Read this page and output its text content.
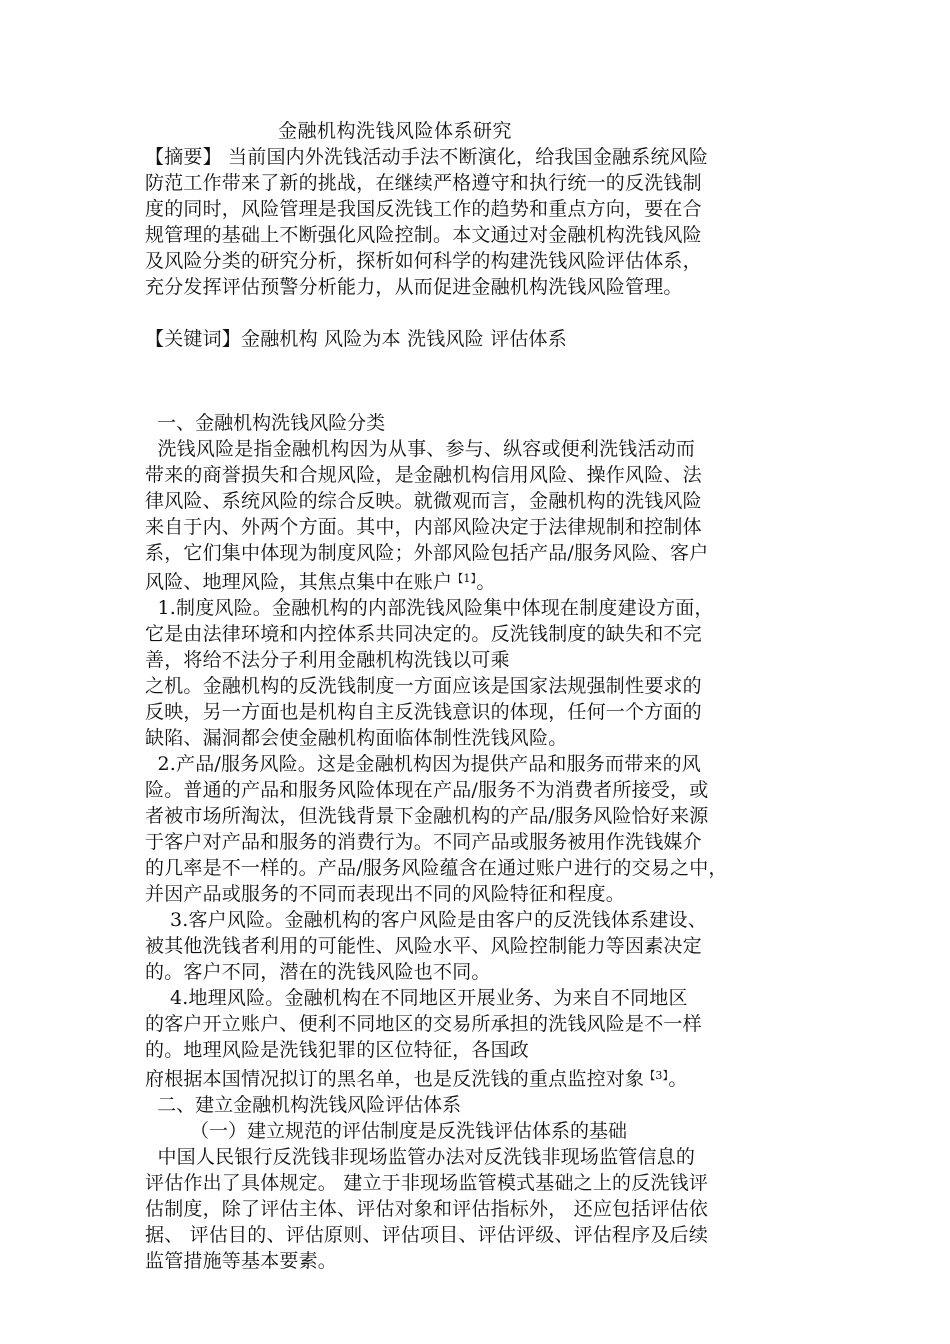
金融机构洗钱风险体系研究

【摘要】 当前国内外洗钱活动手法不断演化，给我国金融系统风险

防范工作带来了新的挑战，在继续严格遵守和执行统一的反洗钱制

度的同时，风险管理是我国反洗钱工作的趋势和重点方向，要在合

规管理的基础上不断强化风险控制。本文通过对金融机构洗钱风险

及风险分类的研究分析，探析如何科学的构建洗钱风险评估体系，

充分发挥评估预警分析能力，从而促进金融机构洗钱风险管理。

【关键词】金融机构 风险为本 洗钱风险 评估体系

一、金融机构洗钱风险分类

洗钱风险是指金融机构因为从事、参与、纵容或便利洗钱活动而

带来的商誉损失和合规风险，是金融机构信用风险、操作风险、法

律风险、系统风险的综合反映。就微观而言，金融机构的洗钱风险

来自于内、外两个方面。其中，内部风险决定于法律规制和控制体

系，它们集中体现为制度风险；外部风险包括产品/服务风险、客户

风险、地理风险，其焦点集中在账户$^{【1】}$。

1.制度风险。金融机构的内部洗钱风险集中体现在制度建设方面，

它是由法律环境和内控体系共同决定的。反洗钱制度的缺失和不完

善，将给不法分子利用金融机构洗钱以可乘

之机。金融机构的反洗钱制度一方面应该是国家法规强制性要求的

反映，另一方面也是机构自主反洗钱意识的体现，任何一个方面的

缺陷、漏洞都会使金融机构面临体制性洗钱风险。

2.产品/服务风险。这是金融机构因为提供产品和服务而带来的风

险。普通的产品和服务风险体现在产品/服务不为消费者所接受，或

者被市场所淘汰，但洗钱背景下金融机构的产品/服务风险恰好来源

于客户对产品和服务的消费行为。不同产品或服务被用作洗钱媒介

的几率是不一样的。产品/服务风险蕴含在通过账户进行的交易之中，

并因产品或服务的不同而表现出不同的风险特征和程度。

3.客户风险。金融机构的客户风险是由客户的反洗钱体系建设、

被其他洗钱者利用的可能性、风险水平、风险控制能力等因素决定

的。客户不同，潜在的洗钱风险也不同。

4.地理风险。金融机构在不同地区开展业务、为来自不同地区

的客户开立账户、便利不同地区的交易所承担的洗钱风险是不一样

的。地理风险是洗钱犯罪的区位特征，各国政

府根据本国情况拟订的黑名单，也是反洗钱的重点监控对象$^{【3】}$。

二、建立金融机构洗钱风险评估体系

（一）建立规范的评估制度是反洗钱评估体系的基础

中国人民银行反洗钱非现场监管办法对反洗钱非现场监管信息的

评估作出了具体规定。 建立于非现场监管模式基础之上的反洗钱评

估制度，除了评估主体、评估对象和评估指标外， 还应包括评估依

据、 评估目的、评估原则、评估项目、评估评级、评估程序及后续

监管措施等基本要素。
